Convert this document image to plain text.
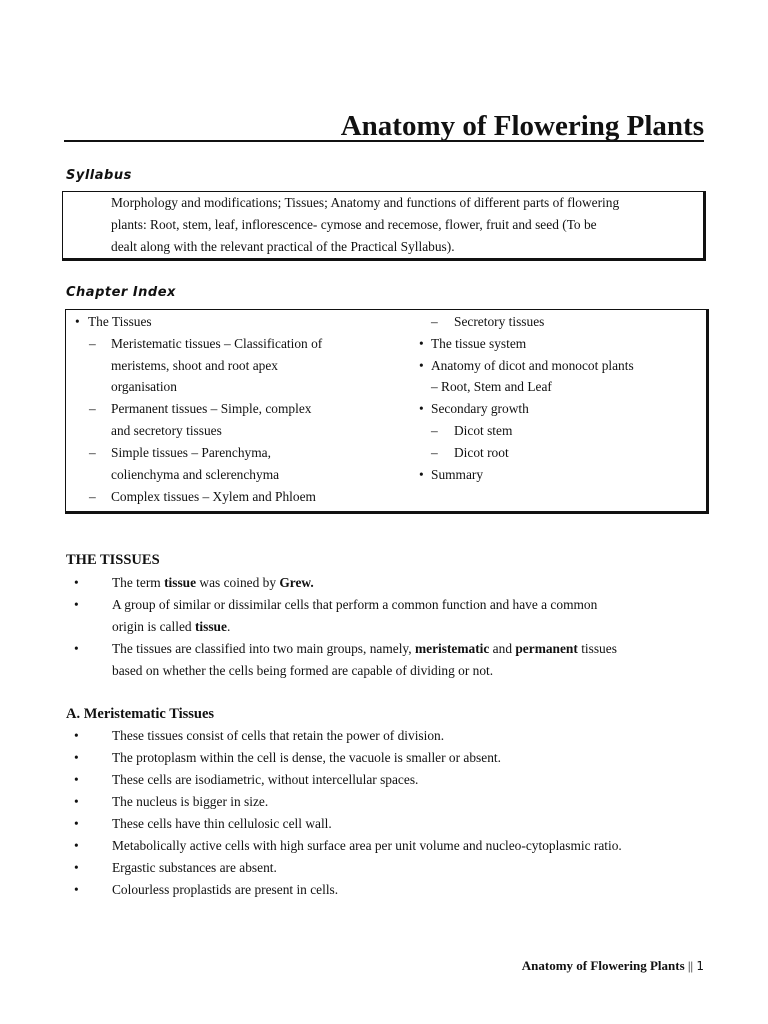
Anatomy of Flowering Plants
Syllabus
Morphology and modifications; Tissues; Anatomy and functions of different parts of flowering
plants: Root, stem, leaf, inflorescence- cymose and recemose, flower, fruit and seed (To be
dealt along with the relevant practical of the Practical Syllabus).
Chapter Index
• The Tissues
– Meristematic tissues – Classification of
meristems, shoot and root apex
organisation
– Permanent tissues – Simple, complex
and secretory tissues
– Simple tissues – Parenchyma,
colienchyma and sclerenchyma
– Complex tissues – Xylem and Phloem
– Secretory tissues
• The tissue system
• Anatomy of dicot and monocot plants
– Root, Stem and Leaf
• Secondary growth
– Dicot stem
– Dicot root
• Summary
THE TISSUES
• The term tissue was coined by Grew.
• A group of similar or dissimilar cells that perform a common function and have a common
origin is called tissue.
• The tissues are classified into two main groups, namely, meristematic and permanent tissues
based on whether the cells being formed are capable of dividing or not.
A. Meristematic Tissues
• These tissues consist of cells that retain the power of division.
• The protoplasm within the cell is dense, the vacuole is smaller or absent.
• These cells are isodiametric, without intercellular spaces.
• The nucleus is bigger in size.
• These cells have thin cellulosic cell wall.
• Metabolically active cells with high surface area per unit volume and nucleo-cytoplasmic ratio.
• Ergastic substances are absent.
• Colourless proplastids are present in cells.
Anatomy of Flowering Plants || 1
